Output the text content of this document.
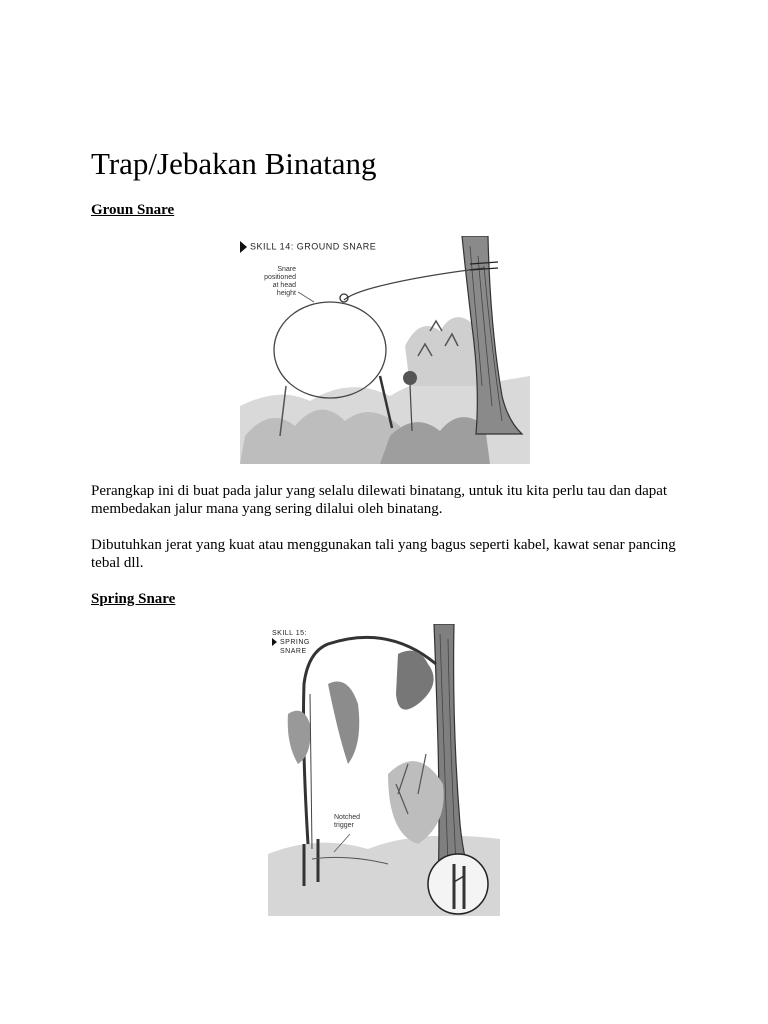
Trap/Jebakan Binatang
Groun Snare
SKILL 14: GROUND SNARE
Snare
positioned
at head
height

Perangkap ini di buat pada jalur yang selalu dilewati binatang, untuk itu kita perlu tau dan dapat membedakan jalur mana yang sering dilalui oleh binatang.

Dibutuhkan jerat yang kuat atau menggunakan tali yang bagus seperti kabel, kawat senar pancing tebal dll.

Spring Snare
SKILL 15:
SPRING
SNARE
Notched
trigger
